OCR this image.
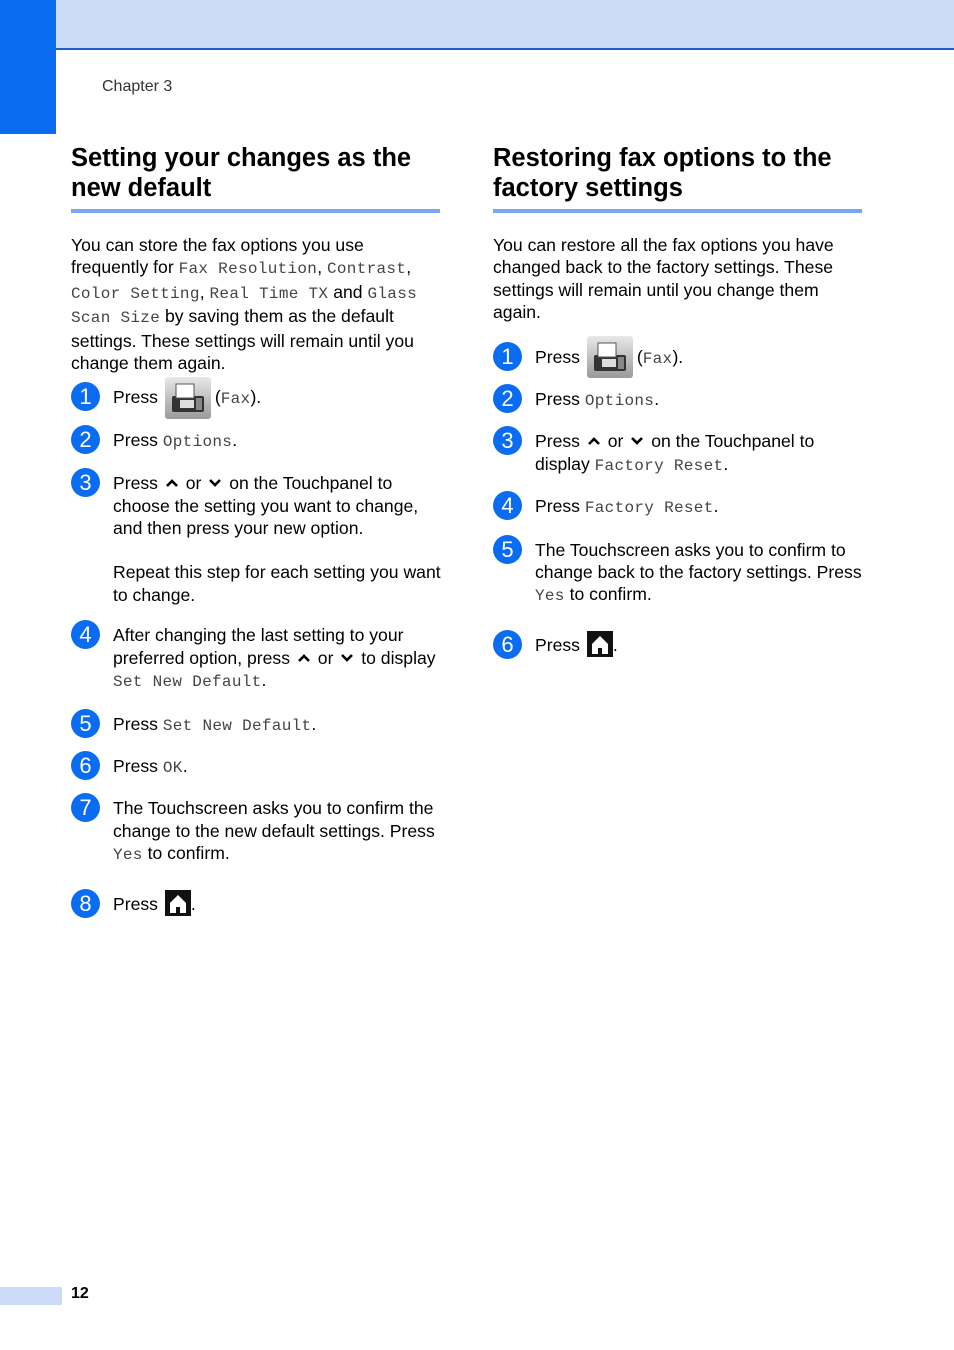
Chapter 3
Setting your changes as the new default

You can store the fax options you use frequently for Fax Resolution, Contrast, Color Setting, Real Time TX and Glass Scan Size by saving them as the default settings. These settings will remain until you change them again.

1	Press	(Fax).
2	Press Options.
3	Press or on the Touchpanel to choose the setting you want to change, and then press your new option.

Repeat this step for each setting you want to change.

4	After changing the last setting to your preferred option, press or to display Set New Default.
5	Press Set New Default.
6	Press OK.
7	The Touchscreen asks you to confirm the change to the new default settings. Press Yes to confirm.
8	Press .
Restoring fax options to the factory settings

You can restore all the fax options you have changed back to the factory settings. These settings will remain until you change them again.

1	Press	(Fax).
2	Press Options.
3	Press or on the Touchpanel to display Factory Reset.
4	Press Factory Reset.
5	The Touchscreen asks you to confirm to change back to the factory settings. Press Yes to confirm.
6	Press .
12
